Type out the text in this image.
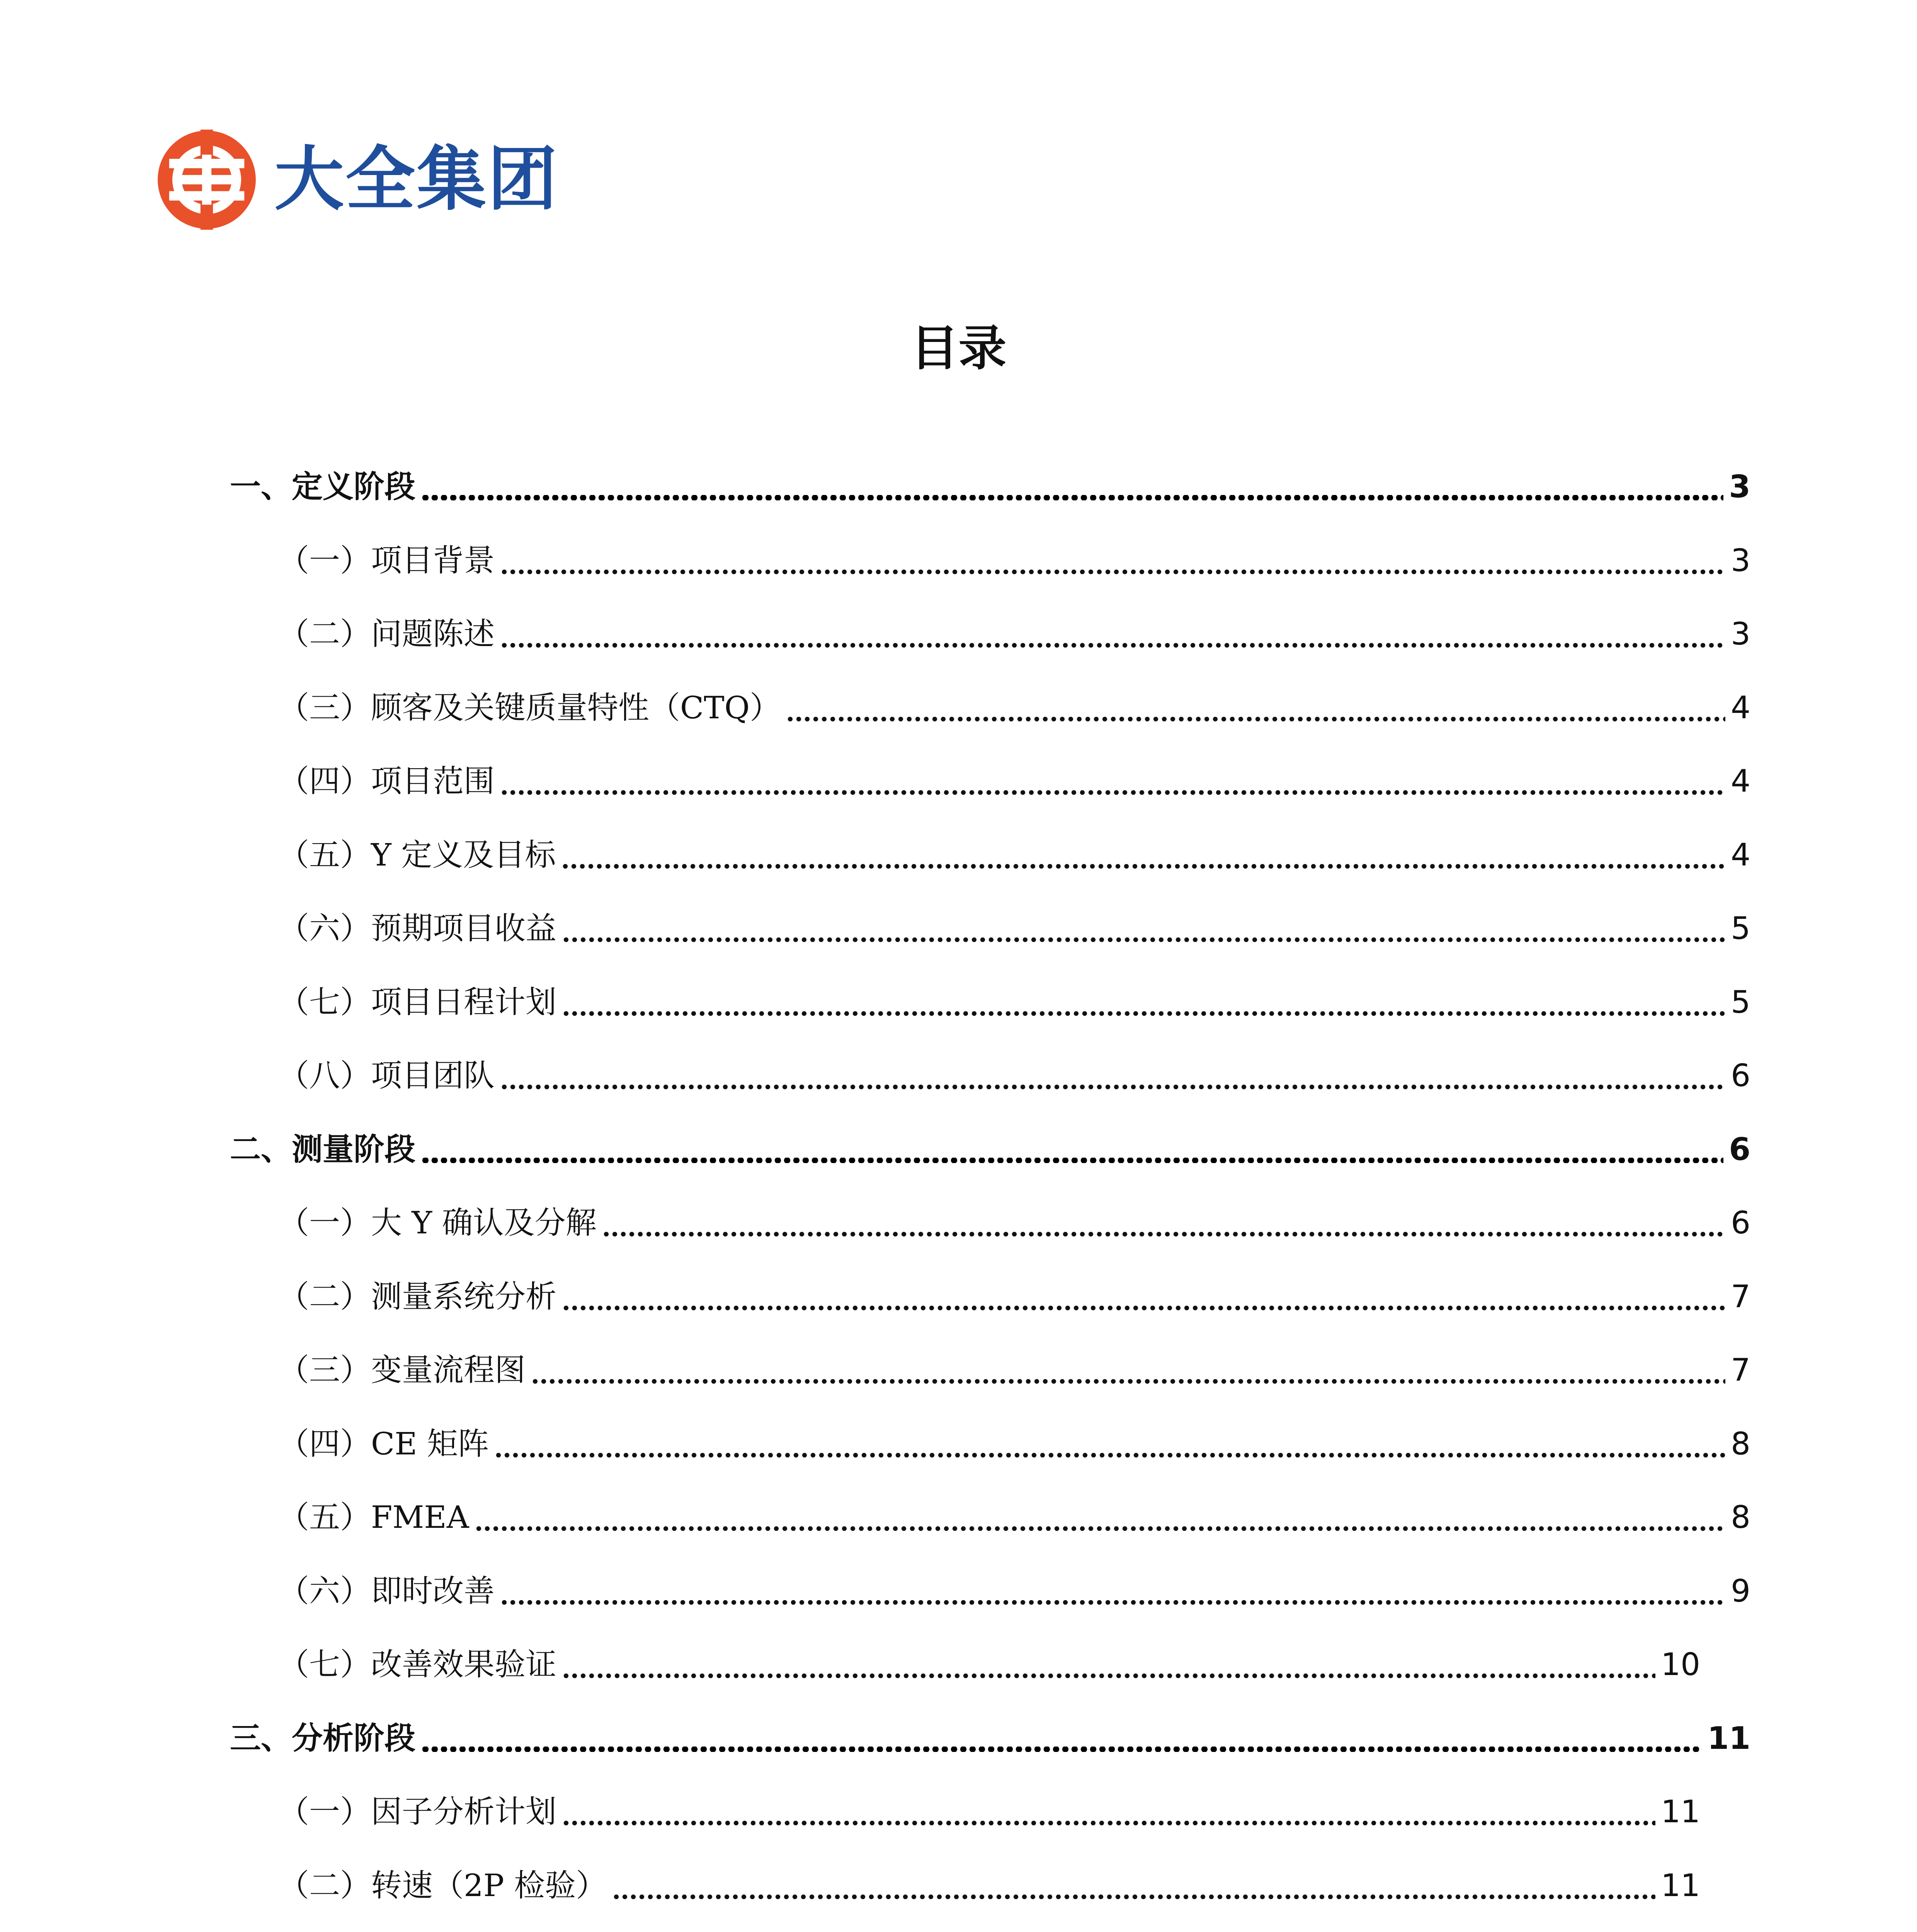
大全集团
目录
一、定义阶段	3
（一）项目背景	3
（二）问题陈述	3
（三）顾客及关键质量特性（CTQ）	4
（四）项目范围	4
（五）Y 定义及目标	4
（六）预期项目收益	5
（七）项目日程计划	5
（八）项目团队	6
二、测量阶段	6
（一）大 Y 确认及分解	6
（二）测量系统分析	7
（三）变量流程图	7
（四）CE 矩阵	8
（五）FMEA	8
（六）即时改善	9
（七）改善效果验证	10
三、分析阶段	11
（一）因子分析计划	11
（二）转速（2P 检验）	11
